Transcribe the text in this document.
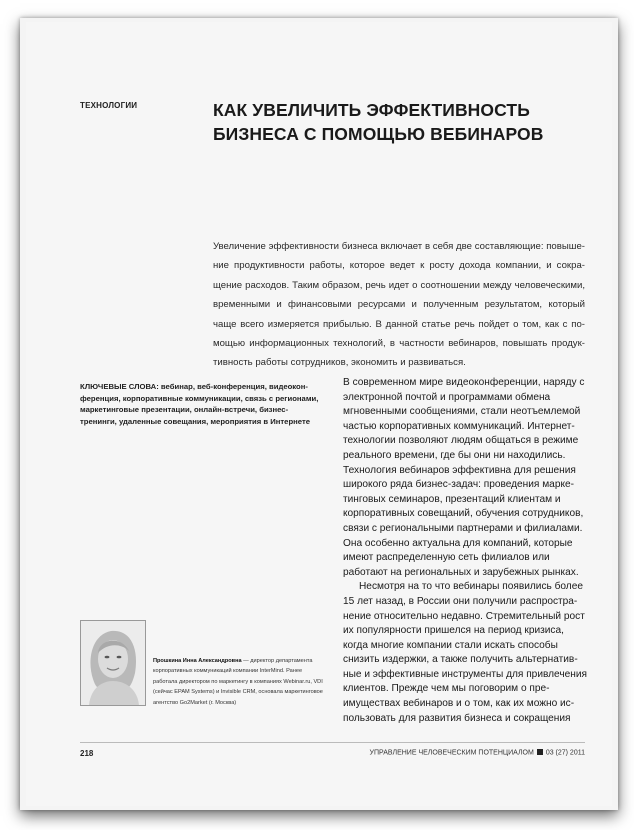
ТЕХНОЛОГИИ	КАК УВЕЛИЧИТЬ ЭФФЕКТИВНОСТЬ БИЗНЕСА С ПОМОЩЬЮ ВЕБИНАРОВ

Увеличение эффективности бизнеса включает в себя две составляющие: повышение продуктивности работы, которое ведет к росту дохода компании, и сокращение расходов. Таким образом, речь идет о соотношении между человеческими, временными и финансовыми ресурсами и полученным результатом, который чаще всего измеряется прибылью. В данной статье речь пойдет о том, как с помощью информационных технологий, в частности вебинаров, повышать продуктивность работы сотрудников, экономить и развиваться.

КЛЮЧЕВЫЕ СЛОВА: вебинар, веб-конференция, видеоконференция, корпоративные коммуникации, связь с регионaми, маркетинговые презентации, онлайн-встречи, бизнес-тренинги, удаленные совещания, мероприятия в Интернете

В современном мире видеоконференции, наряду с электронной почтой и программами обмена мгновенными сообщениями, стали неотъемлемой частью корпоративных коммуникаций. Интернет-технологии позволяют людям общаться в режиме реального времени, где бы они ни находились. Технология вебинаров эффективна для решения широкого ряда бизнес-задач: проведения маркетинговых семинаров, презентаций клиентам и корпоративных совещаний, обучения сотрудников, связи с региональными партнерами и филиалами. Она особенно актуальна для компаний, которые имеют распределенную сеть филиалов или работают на региональных и зарубежных рынках.
Несмотря на то что вебинары появились более 15 лет назад, в России они получили распространение относительно недавно. Стремительный рост их популярности пришелся на период кризиса, когда многие компании стали искать способы снизить издержки, а также получить альтернативные и эффективные инструменты для привлечения клиентов. Прежде чем мы поговорим о преимуществах вебинаров и о том, как их можно использовать для развития бизнеса и сокращения

Прошкина Инна Александровна — директор департамента корпоративных коммуникаций компании InterMind. Ранее работала директором по маркетингу в компаниях Webinar.ru, VDI (сейчас EPAM Systems) и Invisible CRM, основала маркетинговое агентство Go2Market (г. Москва)

218	УПРАВЛЕНИЕ ЧЕЛОВЕЧЕСКИМ ПОТЕНЦИАЛОМ 03 (27) 2011
